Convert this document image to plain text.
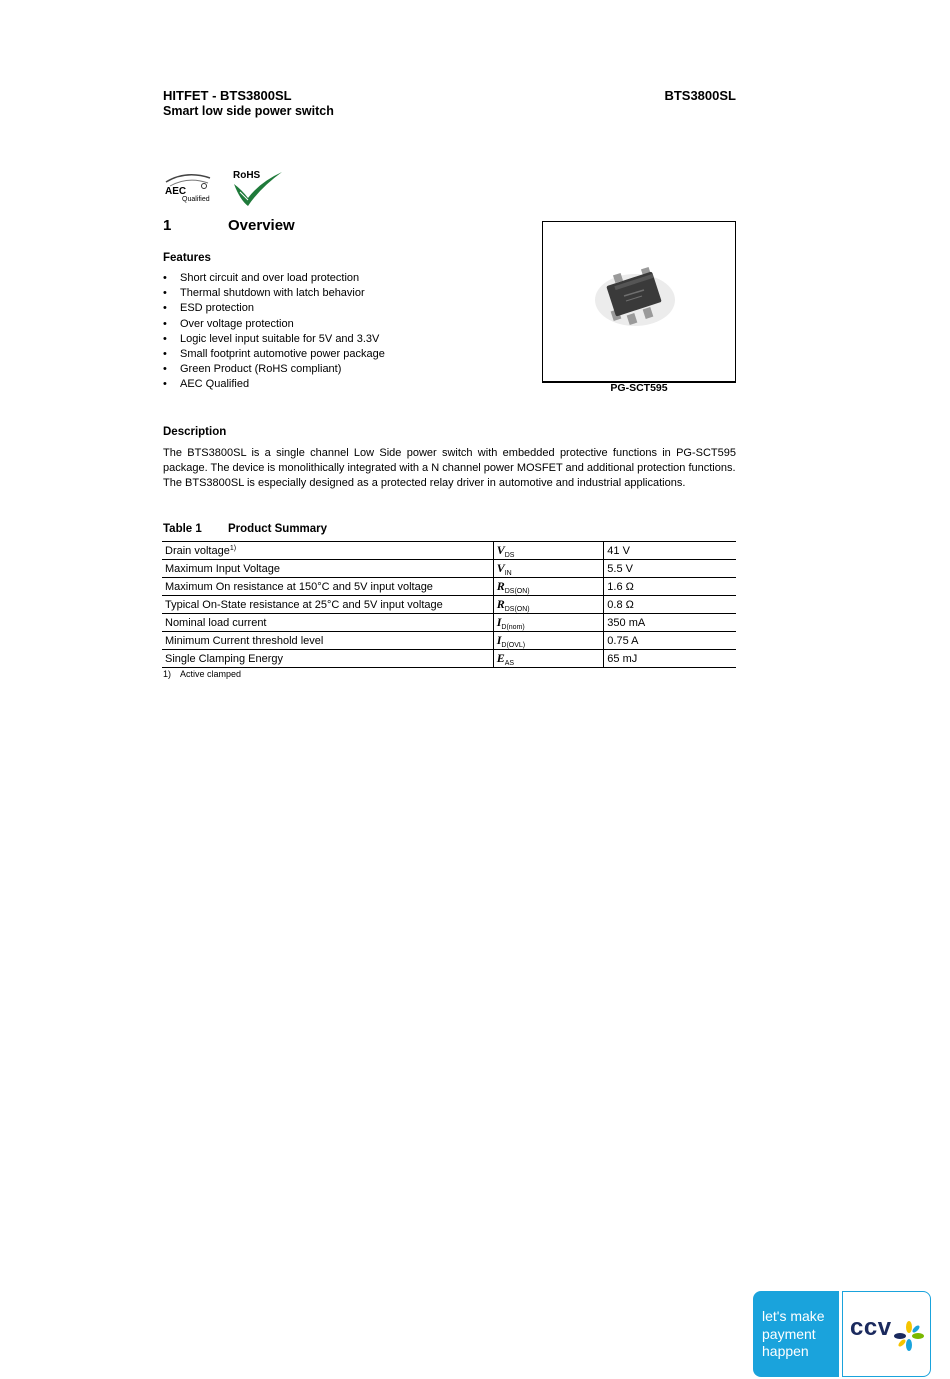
HITFET - BTS3800SL
Smart low side power switch
BTS3800SL
AEC
Qualified
RoHS
1	Overview
Features
• Short circuit and over load protection
• Thermal shutdown with latch behavior
• ESD protection
• Over voltage protection
• Logic level input suitable for 5V and 3.3V
• Small footprint automotive power package
• Green Product (RoHS compliant)
• AEC Qualified	PG-SCT595
Description

The BTS3800SL is a single channel Low Side power switch with embedded protective functions in PG-SCT595 package. The device is monolithically integrated with a N channel power MOSFET and additional protection functions.

The BTS3800SL is especially designed as a protected relay driver in automotive and industrial applications.

Table 1 Product Summary
Drain voltage$^{1)}$	$V_{DS}$	41 V
Maximum Input Voltage	$V_{IN}$	5.5 V
Maximum On resistance at 150°C and 5V input voltage	$R_{DS(ON)}$	1.6 Ω
Typical On-State resistance at 25°C and 5V input voltage	$R_{DS(ON)}$	0.8 Ω
Nominal load current	$I_{D(nom)}$	350 mA
Minimum Current threshold level	$I_{D(OVL)}$	0.75 A
Single Clamping Energy	$E_{AS}$	65 mJ
1) Active clamped
let's make
payment
happen
ccv
